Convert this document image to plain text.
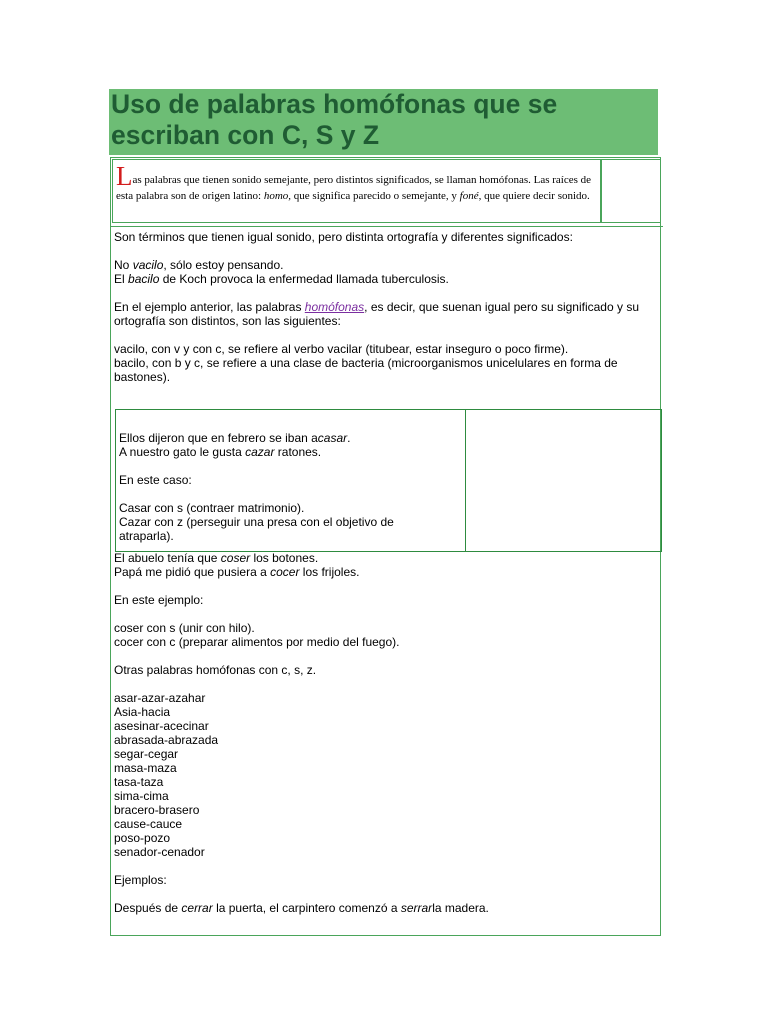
Uso de palabras homófonas que se escriban con C, S y Z
Las palabras que tienen sonido semejante, pero distintos significados, se llaman homófonas. Las raíces de esta palabra son de origen latino: homo, que significa parecido o semejante, y foné, que quiere decir sonido.

Son términos que tienen igual sonido, pero distinta ortografía y diferentes significados:

No vacilo, sólo estoy pensando.

El bacilo de Koch provoca la enfermedad llamada tuberculosis.

En el ejemplo anterior, las palabras homófonas, es decir, que suenan igual pero su significado y su ortografía son distintos, son las siguientes:

vacilo, con v y con c, se refiere al verbo vacilar (titubear, estar inseguro o poco firme).

bacilo, con b y c, se refiere a una clase de bacteria (microorganismos unicelulares en forma de bastones).

Ellos dijeron que en febrero se iban acasar.

A nuestro gato le gusta cazar ratones.

En este caso:

Casar con s (contraer matrimonio).

Cazar con z (perseguir una presa con el objetivo de atraparla).

El abuelo tenía que coser los botones.

Papá me pidió que pusiera a cocer los frijoles.

En este ejemplo:

coser con s (unir con hilo).

cocer con c (preparar alimentos por medio del fuego).

Otras palabras homófonas con c, s, z.

asar-azar-azahar

Asia-hacia

asesinar-acecinar

abrasada-abrazada

segar-cegar

masa-maza

tasa-taza

sima-cima

bracero-brasero

cause-cauce

poso-pozo

senador-cenador

Ejemplos:

Después de cerrar la puerta, el carpintero comenzó a serrarla madera.
